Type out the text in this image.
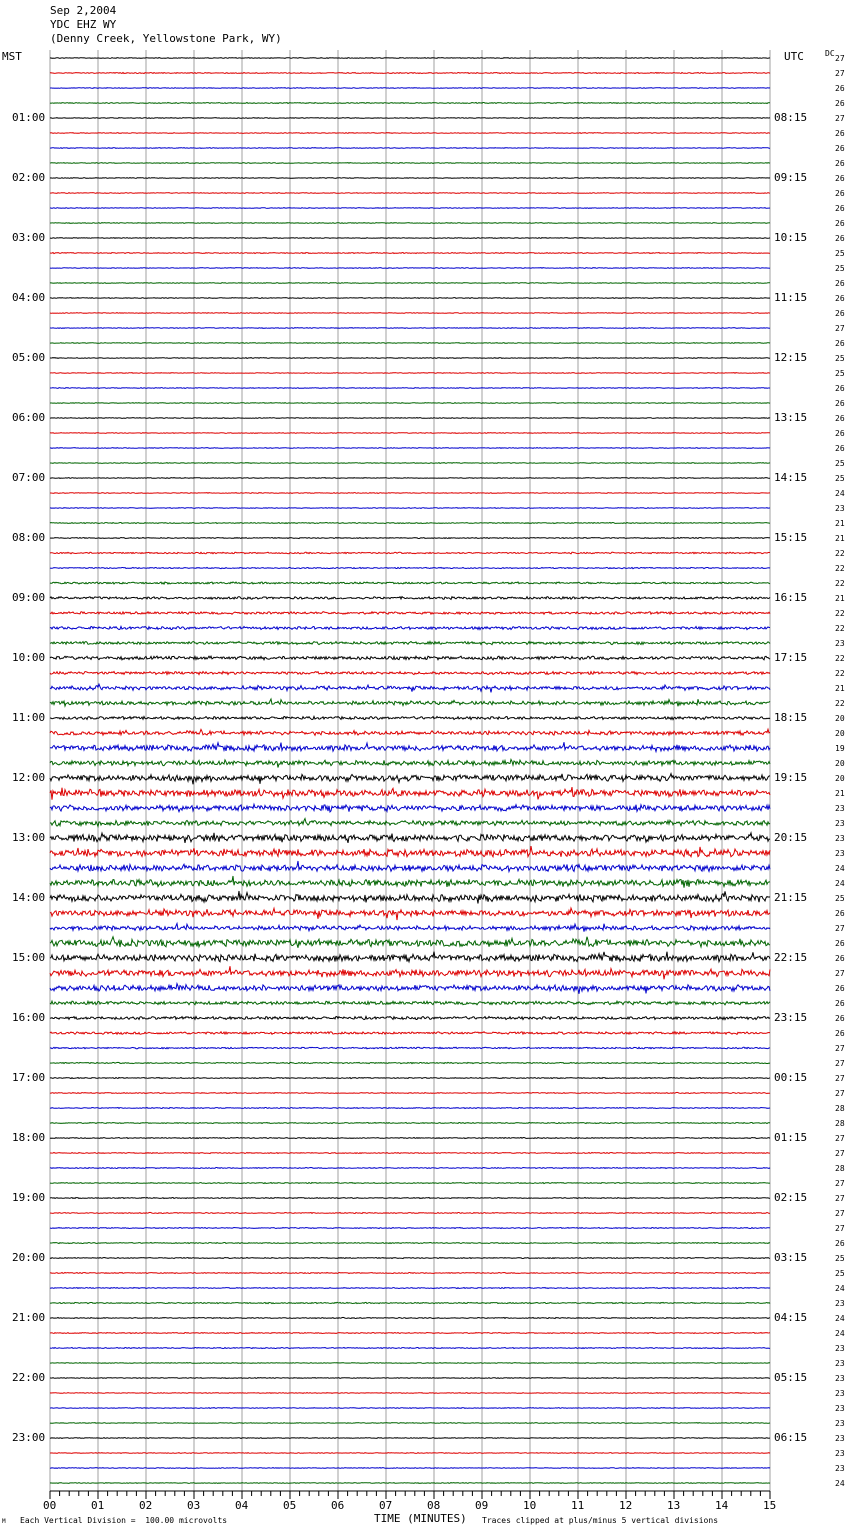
Sep 2,2004
YDC EHZ WY
(Denny Creek, Yellowstone Park, WY)
MST	UTC	DC
01:00
02:00
03:00
04:00
05:00
06:00
07:00
08:00
09:00
10:00
11:00
12:00
13:00
14:00
15:00
16:00
17:00
18:00
19:00
20:00
21:00
22:00
23:00
08:15
09:15
10:15
11:15
12:15
13:15
14:15
15:15
16:15
17:15
18:15
19:15
20:15
21:15
22:15
23:15
00:15
01:15
02:15
03:15
04:15
05:15
06:15
27
27
26
26
27
26
26
26
26
26
26
26
26
25
25
26
26
26
27
26
25
25
26
26
26
26
26
25
25
24
23
21
21
22
22
22
21
22
22
23
22
22
21
22
20
20
19
20
20
21
23
23
23
23
24
24
25
26
27
26
26
27
26
26
26
26
27
27
27
27
28
28
27
27
28
27
27
27
27
26
25
25
24
23
24
24
23
23
23
23
23
23
23
23
23
24
00	01	02	03	04	05	06	07	08	09	10	11	12	13	14	15
M Each Vertical Division =  100.00 microvolts	TIME (MINUTES) Traces clipped at plus/minus 5 vertical divisions
